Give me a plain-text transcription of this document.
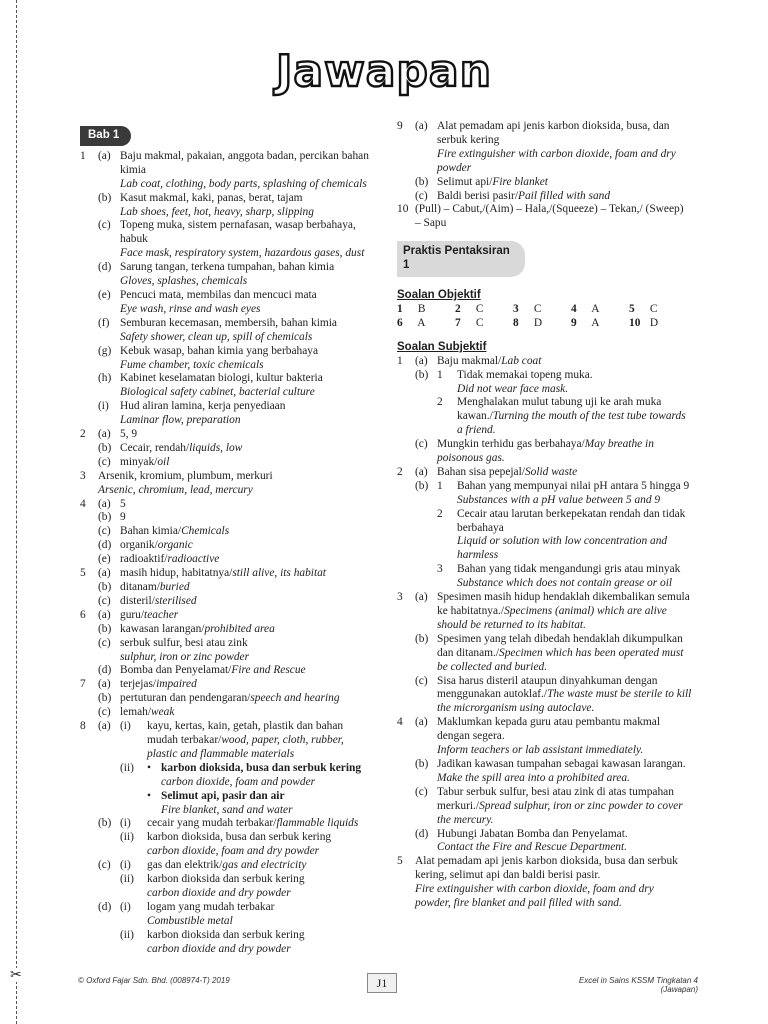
✂
Jawapan
Bab 1
1	(a) Baju makmal, pakaian, anggota badan, percikan bahan kimia
Lab coat, clothing, body parts, splashing of chemicals
(b) Kasut makmal, kaki, panas, berat, tajam
Lab shoes, feet, hot, heavy, sharp, slipping
(c) Topeng muka, sistem pernafasan, wasap berbahaya, habuk
Face mask, respiratory system, hazardous gases, dust
(d) Sarung tangan, terkena tumpahan, bahan kimia
Gloves, splashes, chemicals
(e) Pencuci mata, membilas dan mencuci mata
Eye wash, rinse and wash eyes
(f) Semburan kecemasan, membersih, bahan kimia
Safety shower, clean up, spill of chemicals
(g) Kebuk wasap, bahan kimia yang berbahaya
Fume chamber, toxic chemicals
(h) Kabinet keselamatan biologi, kultur bakteria
Biological safety cabinet, bacterial culture
(i) Hud aliran lamina, kerja penyediaan
Laminar flow, preparation
2	(a) 5, 9
(b) Cecair, rendah/liquids, low
(c) minyak/oil
3	Arsenik, kromium, plumbum, merkuri
Arsenic, chromium, lead, mercury
4	(a) 5
(b) 9
(c) Bahan kimia/Chemicals
(d) organik/organic
(e) radioaktif/radioactive
5	(a) masih hidup, habitatnya/still alive, its habitat
(b) ditanam/buried
(c) disteril/sterilised
6	(a) guru/teacher
(b) kawasan larangan/prohibited area
(c) serbuk sulfur, besi atau zink
sulphur, iron or zinc powder
(d) Bomba dan Penyelamat/Fire and Rescue
7	(a) terjejas/impaired
(b) pertuturan dan pendengaran/speech and hearing
(c) lemah/weak
8	(a) (i)	kayu, kertas, kain, getah, plastik dan bahan mudah terbakar/wood, paper, cloth, rubber, plastic and flammable materials
(ii)	• karbon dioksida, busa dan serbuk kering
carbon dioxide, foam and powder
• Selimut api, pasir dan air
Fire blanket, sand and water
(b) (i)	cecair yang mudah terbakar/flammable liquids
(ii)	karbon dioksida, busa dan serbuk kering
carbon dioxide, foam and dry powder
(c) (i)	gas dan elektrik/gas and electricity
(ii)	karbon dioksida dan serbuk kering
carbon dioxide and dry powder
(d) (i)	logam yang mudah terbakar
Combustible metal
(ii)	karbon dioksida dan serbuk kering
carbon dioxide and dry powder
9	(a) Alat pemadam api jenis karbon dioksida, busa, dan serbuk kering
Fire extinguisher with carbon dioxide, foam and dry powder
(b) Selimut api/Fire blanket
(c) Baldi berisi pasir/Pail filled with sand
10 (Pull) – Cabut,/(Aim) – Hala,/(Squeeze) – Tekan,/ (Sweep) – Sapu
Praktis Pentaksiran 1
Soalan Objektif
1 B	2 C	3 C	4 A	5 C
6 A	7 C	8 D	9 A	10 D
Soalan Subjektif
1	(a) Baju makmal/Lab coat
(b) 1	Tidak memakai topeng muka.
Did not wear face mask.
2	Menghalakan mulut tabung uji ke arah muka kawan./Turning the mouth of the test tube towards a friend.
(c) Mungkin terhidu gas berbahaya/May breathe in poisonous gas.
2	(a) Bahan sisa pepejal/Solid waste
(b) 1	Bahan yang mempunyai nilai pH antara 5 hingga 9
Substances with a pH value between 5 and 9
2	Cecair atau larutan berkepekatan rendah dan tidak berbahaya
Liquid or solution with low concentration and harmless
3	Bahan yang tidak mengandungi gris atau minyak
Substance which does not contain grease or oil
3	(a) Spesimen masih hidup hendaklah dikembalikan semula ke habitatnya./Specimens (animal) which are alive should be returned to its habitat.
(b) Spesimen yang telah dibedah hendaklah dikumpulkan dan ditanam./Specimen which has been operated must be collected and buried.
(c) Sisa harus disteril ataupun dinyahkuman dengan menggunakan autoklaf./The waste must be sterile to kill the microrganism using autoclave.
4	(a) Maklumkan kepada guru atau pembantu makmal dengan segera.
Inform teachers or lab assistant immediately.
(b) Jadikan kawasan tumpahan sebagai kawasan larangan.
Make the spill area into a prohibited area.
(c) Tabur serbuk sulfur, besi atau zink di atas tumpahan merkuri./Spread sulphur, iron or zinc powder to cover the mercury.
(d) Hubungi Jabatan Bomba dan Penyelamat.
Contact the Fire and Rescue Department.
5	Alat pemadam api jenis karbon dioksida, busa dan serbuk kering, selimut api dan baldi berisi pasir.
Fire extinguisher with carbon dioxide, foam and dry powder, fire blanket and pail filled with sand.
© Oxford Fajar Sdn. Bhd. (008974-T) 2019	J1	Excel in Sains KSSM Tingkatan 4
(Jawapan)
